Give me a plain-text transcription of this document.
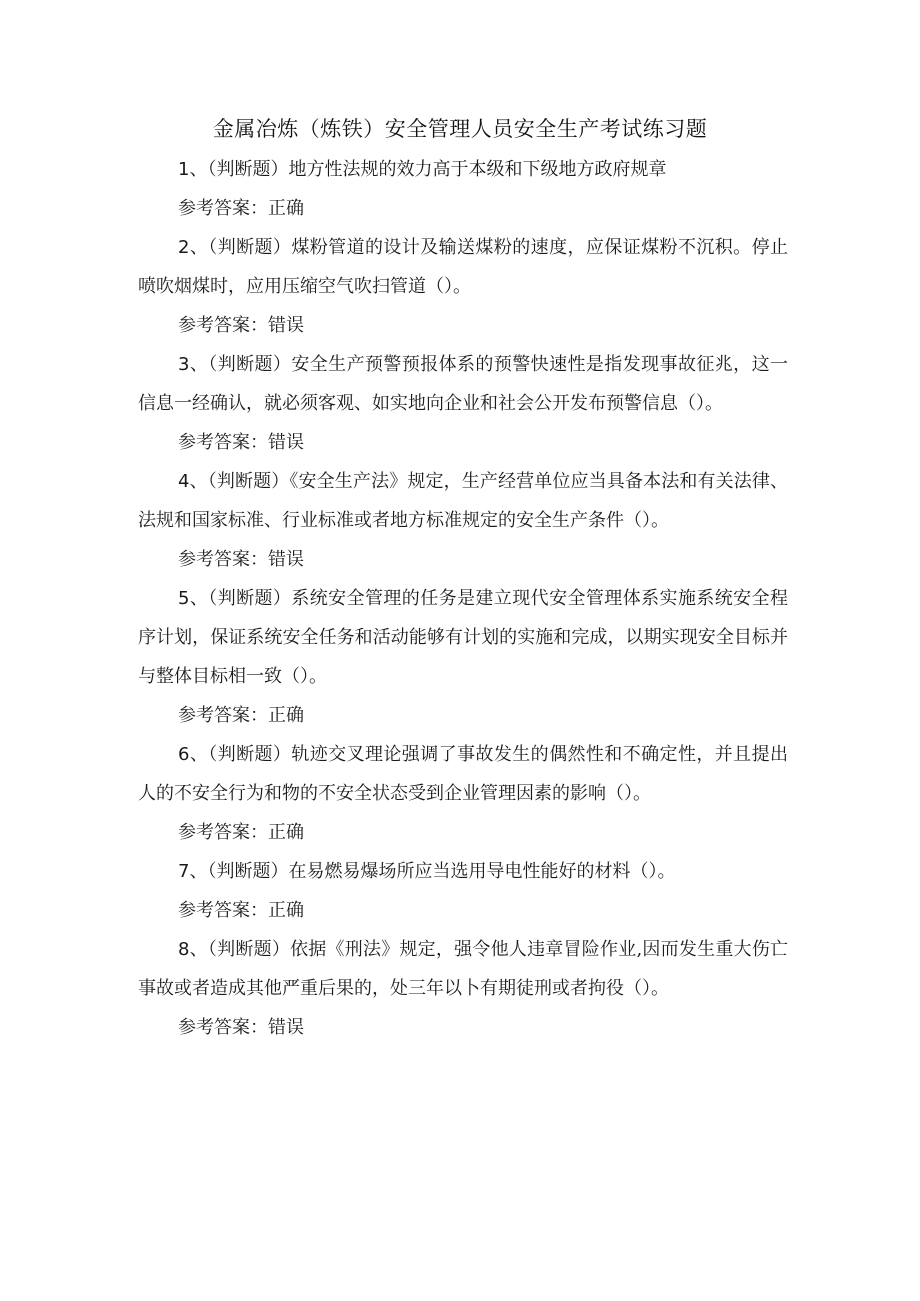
金属冶炼（炼铁）安全管理人员安全生产考试练习题

1、（判断题）地方性法规的效力高于本级和下级地方政府规章

参考答案：正确

2、（判断题）煤粉管道的设计及输送煤粉的速度，应保证煤粉不沉积。停止喷吹烟煤时，应用压缩空气吹扫管道（）。

参考答案：错误

3、（判断题）安全生产预警预报体系的预警快速性是指发现事故征兆，这一信息一经确认，就必须客观、如实地向企业和社会公开发布预警信息（）。

参考答案：错误

4、（判断题）《安全生产法》规定，生产经营单位应当具备本法和有关法律、法规和国家标准、行业标准或者地方标准规定的安全生产条件（）。

参考答案：错误

5、（判断题）系统安全管理的任务是建立现代安全管理体系实施系统安全程序计划，保证系统安全任务和活动能够有计划的实施和完成，以期实现安全目标并与整体目标相一致（）。

参考答案：正确

6、（判断题）轨迹交叉理论强调了事故发生的偶然性和不确定性，并且提出人的不安全行为和物的不安全状态受到企业管理因素的影响（）。

参考答案：正确

7、（判断题）在易燃易爆场所应当选用导电性能好的材料（）。

参考答案：正确

8、（判断题）依据《刑法》规定，强令他人违章冒险作业,因而发生重大伤亡事故或者造成其他严重后果的，处三年以卜有期徒刑或者拘役（）。

参考答案：错误
